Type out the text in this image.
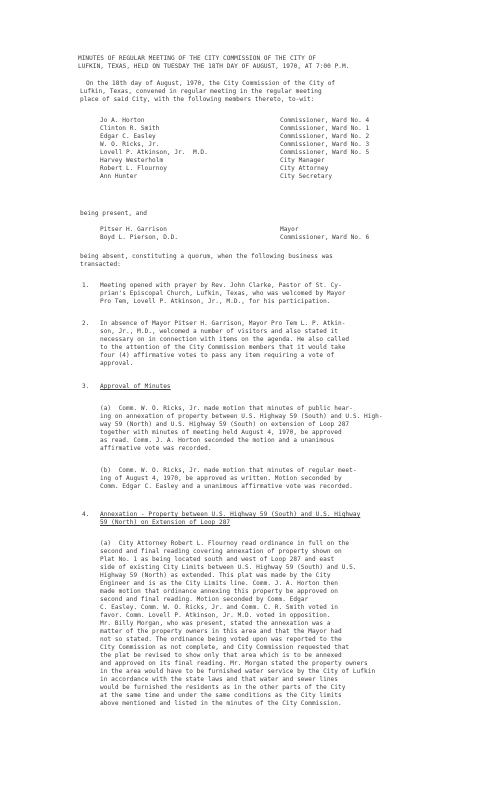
MINUTES OF REGULAR MEETING OF THE CITY COMMISSION OF THE CITY OF
LUFKIN, TEXAS, HELD ON TUESDAY THE 18TH DAY OF AUGUST, 1970, AT 7:00 P.M.
On the 18th day of August, 1970, the City Commission of the City of
Lufkin, Texas, convened in regular meeting in the regular meeting
place of said City, with the following members thereto, to-wit:
Jo A. Horton	Commissioner, Ward No. 4
Clinton R. Smith	Commissioner, Ward No. 1
Edgar C. Easley	Commissioner, Ward No. 2
W. O. Ricks, Jr.	Commissioner, Ward No. 3
Lovell P. Atkinson, Jr.  M.D.	Commissioner, Ward No. 5
Harvey Westerholm	City Manager
Robert L. Flournoy	City Attorney
Ann Hunter	City Secretary
being present, and
Pitser H. Garrison	Mayor
Boyd L. Pierson, D.D.	Commissioner, Ward No. 6
being absent, constituting a quorum, when the following business was
transacted:
1. Meeting opened with prayer by Rev. John Clarke, Pastor of St. Cy-
prian's Episcopal Church, Lufkin, Texas, who was welcomed by Mayor
Pro Tem, Lovell P. Atkinson, Jr., M.D., for his participation.
2. In absence of Mayor Pitser H. Garrison, Mayor Pro Tem L. P. Atkin-
son, Jr., M.D., welcomed a number of visitors and also stated it
necessary on in connection with items on the agenda. He also called
to the attention of the City Commission members that it would take
four (4) affirmative votes to pass any item requiring a vote of
approval.
3. Approval of Minutes
(a)  Comm. W. O. Ricks, Jr. made motion that minutes of public hear-
ing on annexation of property between U.S. Highway 59 (South) and U.S. High-
way 59 (North) and U.S. Highway 59 (South) on extension of Loop 287
together with minutes of meeting held August 4, 1970, be approved
as read. Comm. J. A. Horton seconded the motion and a unanimous
affirmative vote was recorded.
(b)  Comm. W. O. Ricks, Jr. made motion that minutes of regular meet-
ing of August 4, 1970, be approved as written. Motion seconded by
Comm. Edgar C. Easley and a unanimous affirmative vote was recorded.
4. Annexation - Property between U.S. Highway 59 (South) and U.S. Highway
59 (North) on Extension of Loop 287
(a)  City Attorney Robert L. Flournoy read ordinance in full on the
second and final reading covering annexation of property shown on
Plat No. 1 as being located south and west of Loop 287 and east
side of existing City Limits between U.S. Highway 59 (South) and U.S.
Highway 59 (North) as extended. This plat was made by the City
Engineer and is as the City Limits line. Comm. J. A. Horton then
made motion that ordinance annexing this property be approved on
second and final reading. Motion seconded by Comm. Edgar
C. Easley. Comm. W. O. Ricks, Jr. and Comm. C. R. Smith voted in
favor. Comm. Lovell P. Atkinson, Jr. M.D. voted in opposition.
Mr. Billy Morgan, who was present, stated the annexation was a
matter of the property owners in this area and that the Mayor had
not so stated. The ordinance being voted upon was reported to the
City Commission as not complete, and City Commission requested that
the plat be revised to show only that area which is to be annexed
and approved on its final reading. Mr. Morgan stated the property owners
in the area would have to be furnished water service by the City of Lufkin
in accordance with the state laws and that water and sewer lines
would be furnished the residents as in the other parts of the City
at the same time and under the same conditions as the City limits
above mentioned and listed in the minutes of the City Commission.
